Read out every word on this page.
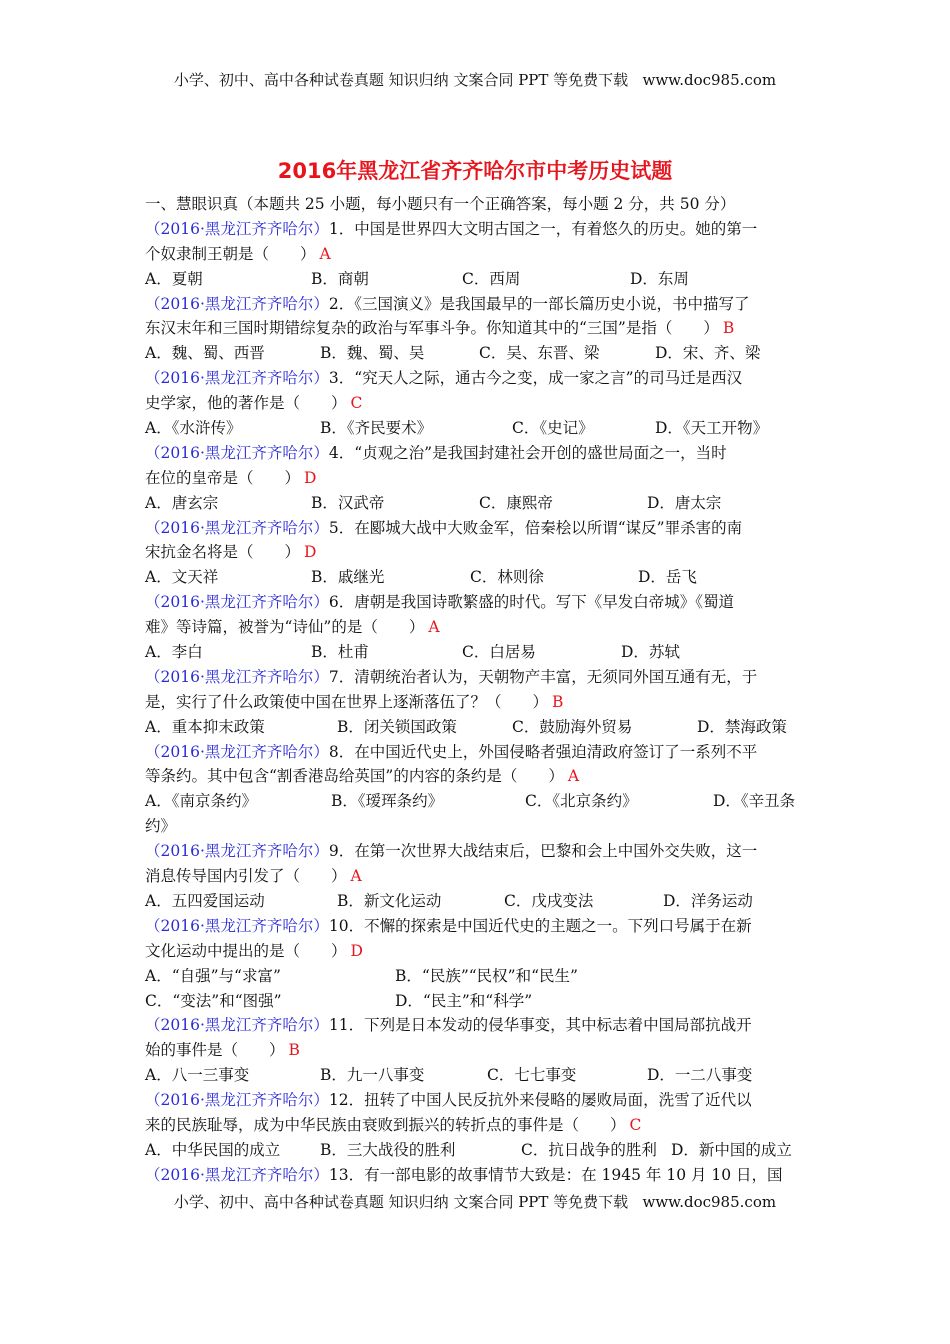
小学、初中、高中各种试卷真题 知识归纳 文案合同 PPT 等免费下载   www.doc985.com
2016年黑龙江省齐齐哈尔市中考历史试题
一、慧眼识真（本题共 25 小题，每小题只有一个正确答案，每小题 2 分，共 50 分）
（2016·黑龙江齐齐哈尔）1．中国是世界四大文明古国之一，有着悠久的历史。她的第一
个奴隶制王朝是（　　） A
A．夏朝	B．商朝	C．西周	D．东周
（2016·黑龙江齐齐哈尔）2．《三国演义》是我国最早的一部长篇历史小说，书中描写了
东汉末年和三国时期错综复杂的政治与军事斗争。你知道其中的“三国”是指（　　） B
A．魏、蜀、西晋	B．魏、蜀、吴	C．吴、东晋、梁	D．宋、齐、梁
（2016·黑龙江齐齐哈尔）3．“究天人之际，通古今之变，成一家之言”的司马迁是西汉
史学家，他的著作是（　　） C
A．《水浒传》	B．《齐民要术》	C．《史记》	D．《天工开物》
（2016·黑龙江齐齐哈尔）4．“贞观之治”是我国封建社会开创的盛世局面之一，当时
在位的皇帝是（　　） D
A．唐玄宗	B．汉武帝	C．康熙帝	D．唐太宗
（2016·黑龙江齐齐哈尔）5．在郾城大战中大败金军，倍秦桧以所谓“谋反”罪杀害的南
宋抗金名将是（　　） D
A．文天祥	B．戚继光	C．林则徐	D．岳飞
（2016·黑龙江齐齐哈尔）6．唐朝是我国诗歌繁盛的时代。写下《早发白帝城》《蜀道
难》等诗篇，被誉为“诗仙”的是（　　） A
A．李白	B．杜甫	C．白居易	D．苏轼
（2016·黑龙江齐齐哈尔）7．清朝统治者认为，天朝物产丰富，无须同外国互通有无，于
是，实行了什么政策使中国在世界上逐渐落伍了？（　　） B
A．重本抑末政策	B．闭关锁国政策	C．鼓励海外贸易	D．禁海政策
（2016·黑龙江齐齐哈尔）8．在中国近代史上，外国侵略者强迫清政府签订了一系列不平
等条约。其中包含“割香港岛给英国”的内容的条约是（　　） A
A．《南京条约》	B．《瑷珲条约》	C．《北京条约》	D．《辛丑条
约》
（2016·黑龙江齐齐哈尔）9．在第一次世界大战结束后，巴黎和会上中国外交失败，这一
消息传导国内引发了（　　） A
A．五四爱国运动	B．新文化运动	C．戊戌变法	D．洋务运动
（2016·黑龙江齐齐哈尔）10．不懈的探索是中国近代史的主题之一。下列口号属于在新
文化运动中提出的是（　　） D
A．“自强”与“求富”	B．“民族”“民权”和“民生”
C．“变法”和“图强”	D．“民主”和“科学”
（2016·黑龙江齐齐哈尔）11．下列是日本发动的侵华事变，其中标志着中国局部抗战开
始的事件是（　　） B
A．八一三事变	B．九一八事变	C．七七事变	D．一二八事变
（2016·黑龙江齐齐哈尔）12．扭转了中国人民反抗外来侵略的屡败局面，洗雪了近代以
来的民族耻辱，成为中华民族由衰败到振兴的转折点的事件是（　　） C
A．中华民国的成立	B．三大战役的胜利	C．抗日战争的胜利 D．新中国的成立
（2016·黑龙江齐齐哈尔）13．有一部电影的故事情节大致是：在 1945 年 10 月 10 日，国
小学、初中、高中各种试卷真题 知识归纳 文案合同 PPT 等免费下载   www.doc985.com
